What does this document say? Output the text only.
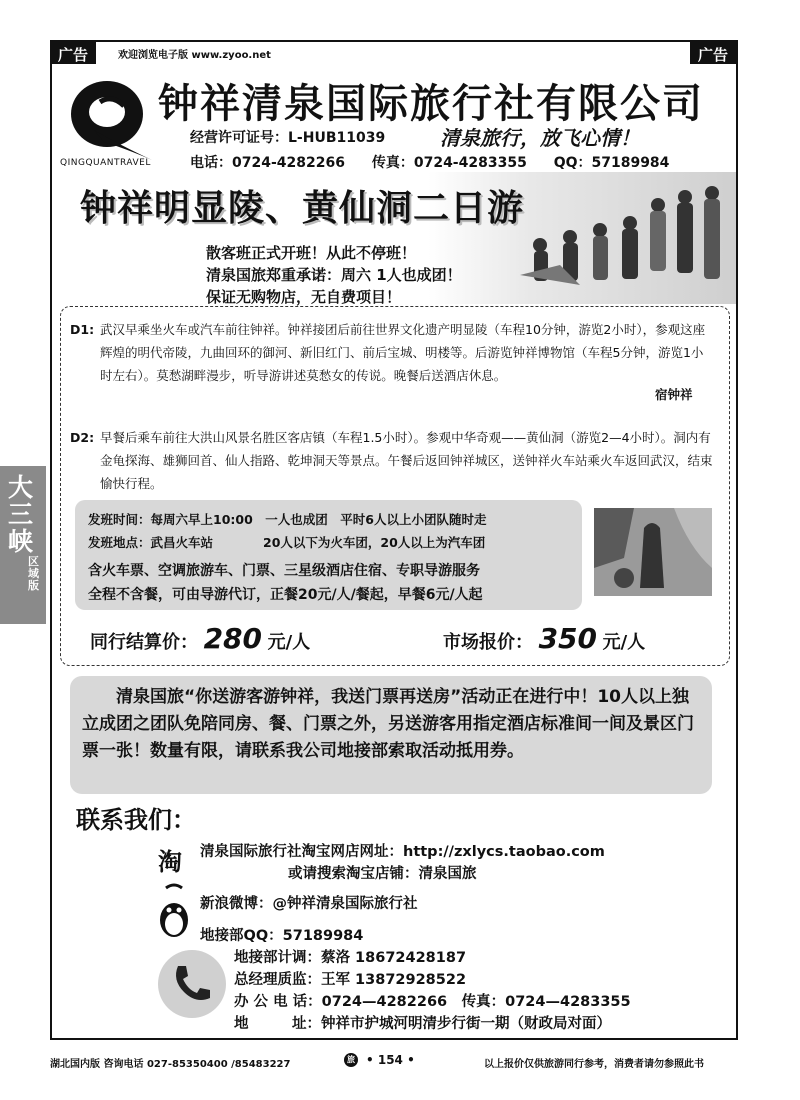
广告	广告
欢迎浏览电子版 www.zyoo.net
QINGQUANTRAVEL
钟祥清泉国际旅行社有限公司
经营许可证号：L-HUB11039	清泉旅行，放飞心情！
电话：0724-4282266 传真：0724-4283355 QQ：57189984
钟祥明显陵、黄仙洞二日游
散客班正式开班！从此不停班！
清泉国旅郑重承诺：周六 1人也成团！
保证无购物店，无自费项目！
D1: 武汉早乘坐火车或汽车前往钟祥。钟祥接团后前往世界文化遗产明显陵（车程10分钟，游览2小时），参观这座辉煌的明代帝陵，九曲回环的御河、新旧红门、前后宝城、明楼等。后游览钟祥博物馆（车程5分钟，游览1小时左右）。莫愁湖畔漫步，听导游讲述莫愁女的传说。晚餐后送酒店休息。
宿钟祥
D2: 早餐后乘车前往大洪山风景名胜区客店镇（车程1.5小时）。参观中华奇观——黄仙洞（游览2—4小时）。洞内有金龟探海、雄狮回首、仙人指路、乾坤洞天等景点。午餐后返回钟祥城区，送钟祥火车站乘火车返回武汉，结束愉快行程。
发班时间：每周六早上10:00　一人也成团　平时6人以上小团队随时走
发班地点：武昌火车站　　　　20人以下为火车团，20人以上为汽车团
含火车票、空调旅游车、门票、三星级酒店住宿、专职导游服务
全程不含餐，可由导游代订，正餐20元/人/餐起，早餐6元/人起
同行结算价： 280 元/人	市场报价： 350 元/人
清泉国旅“你送游客游钟祥，我送门票再送房”活动正在进行中！10人以上独立成团之团队免陪同房、餐、门票之外，另送游客用指定酒店标准间一间及景区门票一张！数量有限，请联系我公司地接部索取活动抵用券。
联系我们：
淘	清泉国际旅行社淘宝网店网址：http://zxlycs.taobao.com
或请搜索淘宝店铺：清泉国旅
新浪微博：@钟祥清泉国际旅行社
地接部QQ：57189984
地接部计调：蔡洛 18672428187
总经理质监：王军 13872928522
办 公 电 话：0724—4282266　传真：0724—4283355
地　　　址：钟祥市护城河明清步行街一期（财政局对面）
大三峡
区域版
湖北国内版 咨询电话 027-85350400 /85483227	旅 • 154 •	以上报价仅供旅游同行参考，消费者请勿参照此书
